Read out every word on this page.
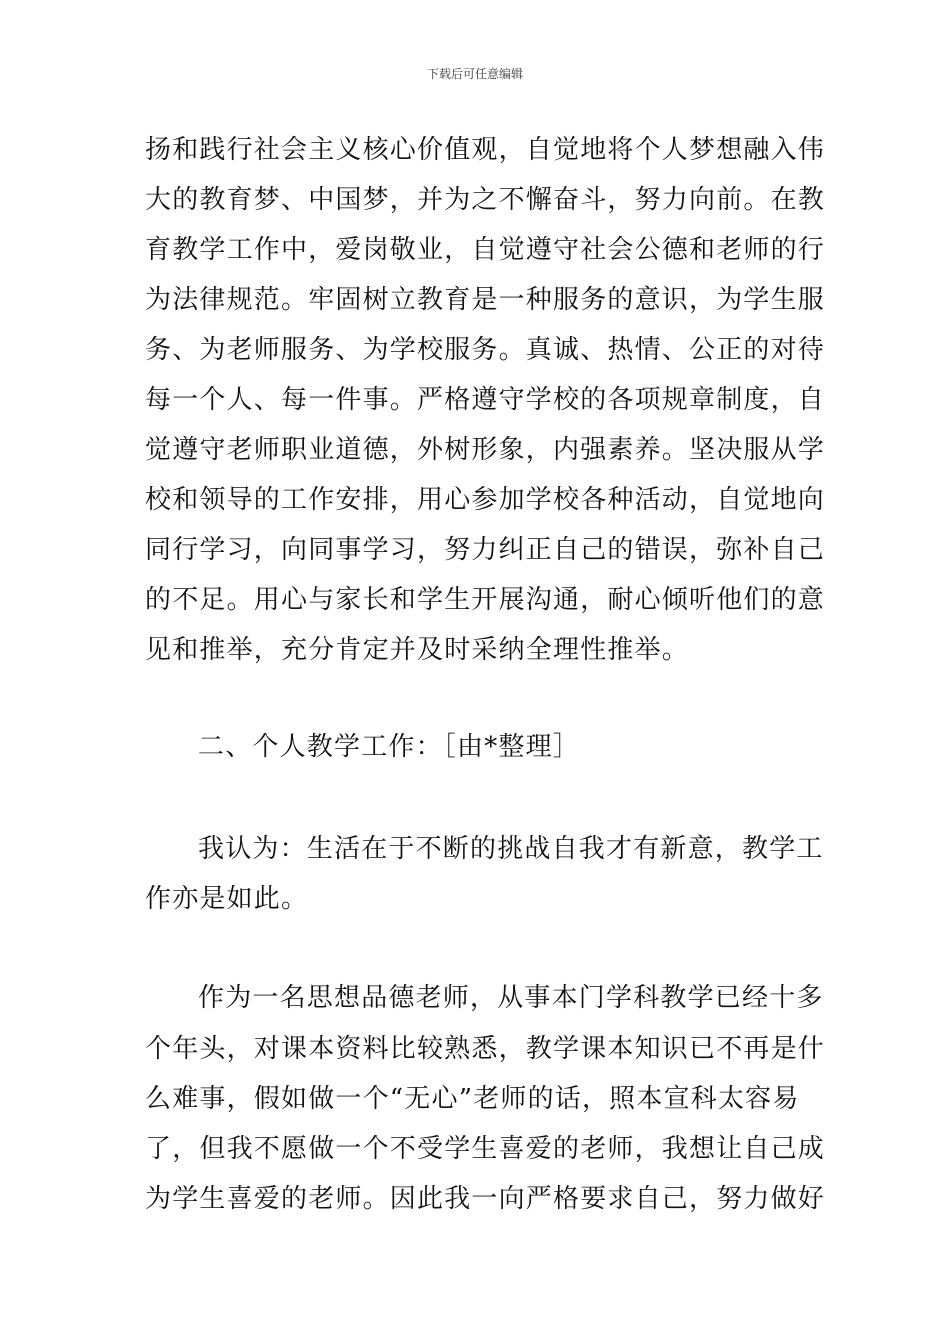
下载后可任意编辑
扬和践行社会主义核心价值观，自觉地将个人梦想融入伟
大的教育梦、中国梦，并为之不懈奋斗，努力向前。在教
育教学工作中，爱岗敬业，自觉遵守社会公德和老师的行
为法律规范。牢固树立教育是一种服务的意识，为学生服
务、为老师服务、为学校服务。真诚、热情、公正的对待
每一个人、每一件事。严格遵守学校的各项规章制度，自
觉遵守老师职业道德，外树形象，内强素养。坚决服从学
校和领导的工作安排，用心参加学校各种活动，自觉地向
同行学习，向同事学习，努力纠正自己的错误，弥补自己
的不足。用心与家长和学生开展沟通，耐心倾听他们的意
见和推举，充分肯定并及时采纳全理性推举。
二、个人教学工作：［由*整理］
我认为：生活在于不断的挑战自我才有新意，教学工
作亦是如此。
作为一名思想品德老师，从事本门学科教学已经十多
个年头，对课本资料比较熟悉，教学课本知识已不再是什
么难事，假如做一个“无心”老师的话，照本宣科太容易
了，但我不愿做一个不受学生喜爱的老师，我想让自己成
为学生喜爱的老师。因此我一向严格要求自己，努力做好
